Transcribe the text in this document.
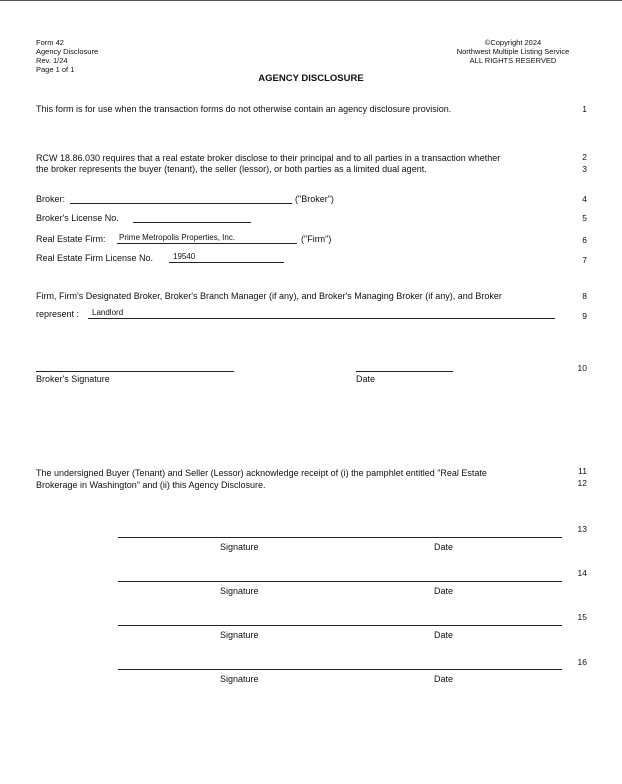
Form 42
Agency Disclosure
Rev. 1/24
Page 1 of 1
©Copyright 2024
Northwest Multiple Listing Service
ALL RIGHTS RESERVED
AGENCY DISCLOSURE
This form is for use when the transaction forms do not otherwise contain an agency disclosure provision.	1
RCW 18.86.030 requires that a real estate broker disclose to their principal and to all parties in a transaction whether
the broker represents the buyer (tenant), the seller (lessor), or both parties as a limited dual agent.
2
3
Broker:	("Broker")	4
Broker's License No.	5
Real Estate Firm: Prime Metropolis Properties, Inc.	("Firm")	6
Real Estate Firm License No. 19540	7
Firm, Firm's Designated Broker, Broker's Branch Manager (if any), and Broker's Managing Broker (if any), and Broker	8
represent : Landlord	9
Broker's Signature	Date
10
The undersigned Buyer (Tenant) and Seller (Lessor) acknowledge receipt of (i) the pamphlet entitled "Real Estate
Brokerage in Washington" and (ii) this Agency Disclosure.
11
12
Signature	Date
13
Signature	Date
14
Signature	Date
15
Signature	Date
16
